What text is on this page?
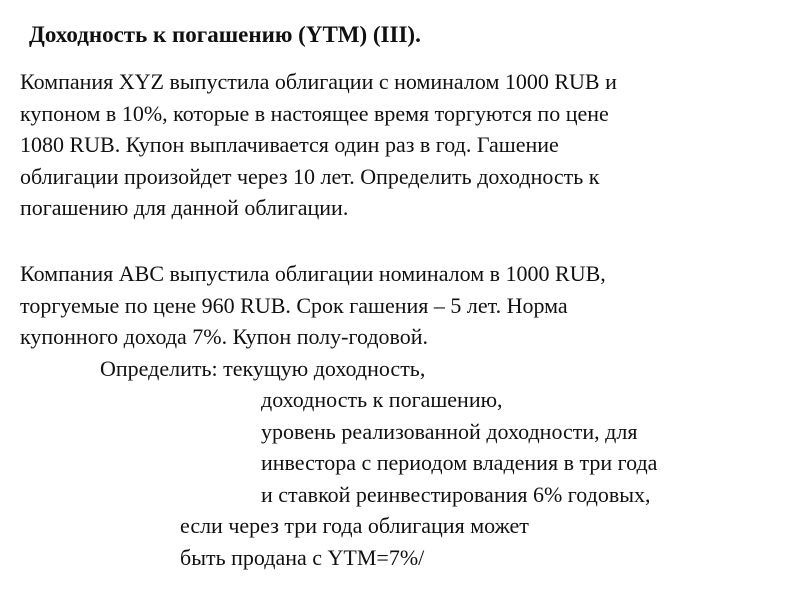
Доходность к погашению (YTM) (III).
Компания XYZ выпустила облигации с номиналом 1000 RUB и
купоном в 10%, которые в настоящее время торгуются по цене
1080 RUB. Купон выплачивается один раз в год. Гашение
облигации произойдет через 10 лет. Определить доходность к
погашению для данной облигации.
Компания ABC выпустила облигации номиналом в 1000 RUB,
торгуемые по цене 960 RUB. Срок гашения – 5 лет. Норма
купонного дохода 7%. Купон полу-годовой.
Определить: текущую доходность,
доходность к погашению,
уровень реализованной доходности, для
инвестора с периодом владения в три года
и ставкой реинвестирования 6% годовых,
если через три года облигация может
быть продана с YTM=7%/
